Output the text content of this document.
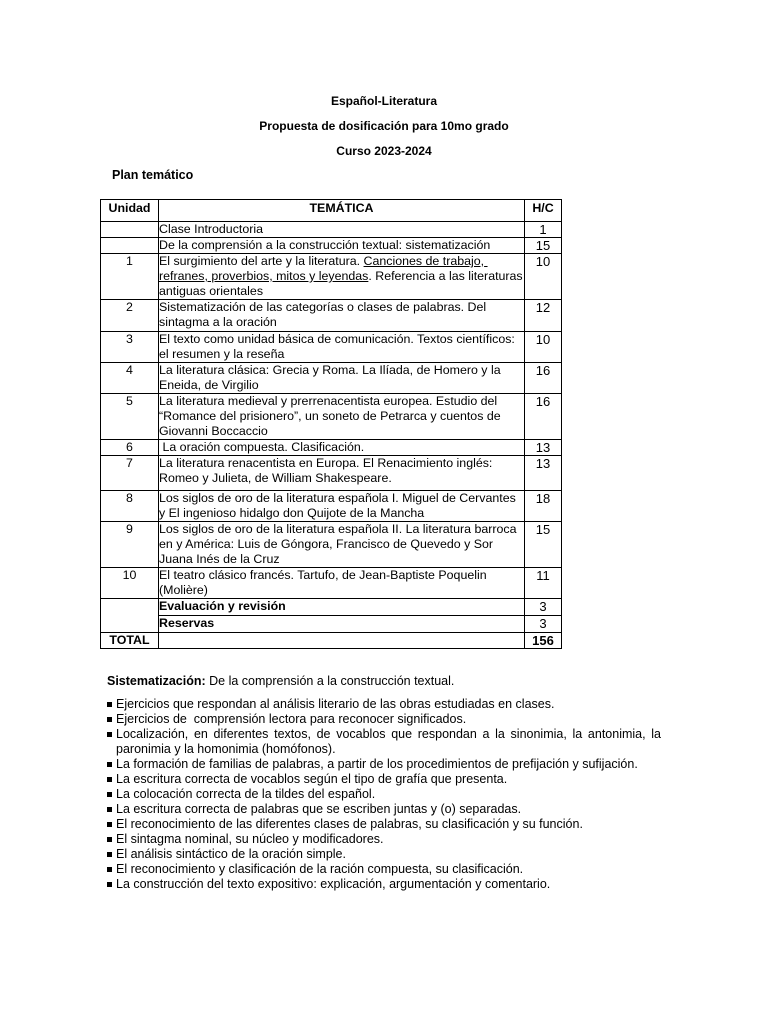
Español-Literatura
Propuesta de dosificación para 10mo grado
Curso 2023-2024
Plan temático
Unidad	TEMÁTICA	H/C
	Clase Introductoria	1
	De la comprensión a la construcción textual: sistematización	15
1	El surgimiento del arte y la literatura. Canciones de trabajo, refranes, proverbios, mitos y leyendas. Referencia a las literaturas antiguas orientales	10
2	Sistematización de las categorías o clases de palabras. Del sintagma a la oración	12
3	El texto como unidad básica de comunicación. Textos científicos: el resumen y la reseña	10
4	La literatura clásica: Grecia y Roma. La Ilíada, de Homero y la Eneida, de Virgilio	16
5	La literatura medieval y prerrenacentista europea. Estudio del “Romance del prisionero”, un soneto de Petrarca y cuentos de Giovanni Boccaccio	16
6	La oración compuesta. Clasificación.	13
7	La literatura renacentista en Europa. El Renacimiento inglés: Romeo y Julieta, de William Shakespeare.	13
8	Los siglos de oro de la literatura española I. Miguel de Cervantes y El ingenioso hidalgo don Quijote de la Mancha	18
9	Los siglos de oro de la literatura española II. La literatura barroca en y América: Luis de Góngora, Francisco de Quevedo y Sor Juana Inés de la Cruz	15
10	El teatro clásico francés. Tartufo, de Jean-Baptiste Poquelin (Molière)	11
	Evaluación y revisión	3
	Reservas	3
TOTAL		156
Sistematización: De la comprensión a la construcción textual.
Ejercicios que respondan al análisis literario de las obras estudiadas en clases.
Ejercicios de  comprensión lectora para reconocer significados.
Localización, en diferentes textos, de vocablos que respondan a la sinonimia, la antonimia, la paronimia y la homonimia (homófonos).
La formación de familias de palabras, a partir de los procedimientos de prefijación y sufijación.
La escritura correcta de vocablos según el tipo de grafía que presenta.
La colocación correcta de la tildes del español.
La escritura correcta de palabras que se escriben juntas y (o) separadas.
El reconocimiento de las diferentes clases de palabras, su clasificación y su función.
El sintagma nominal, su núcleo y modificadores.
El análisis sintáctico de la oración simple.
El reconocimiento y clasificación de la ración compuesta, su clasificación.
La construcción del texto expositivo: explicación, argumentación y comentario.
